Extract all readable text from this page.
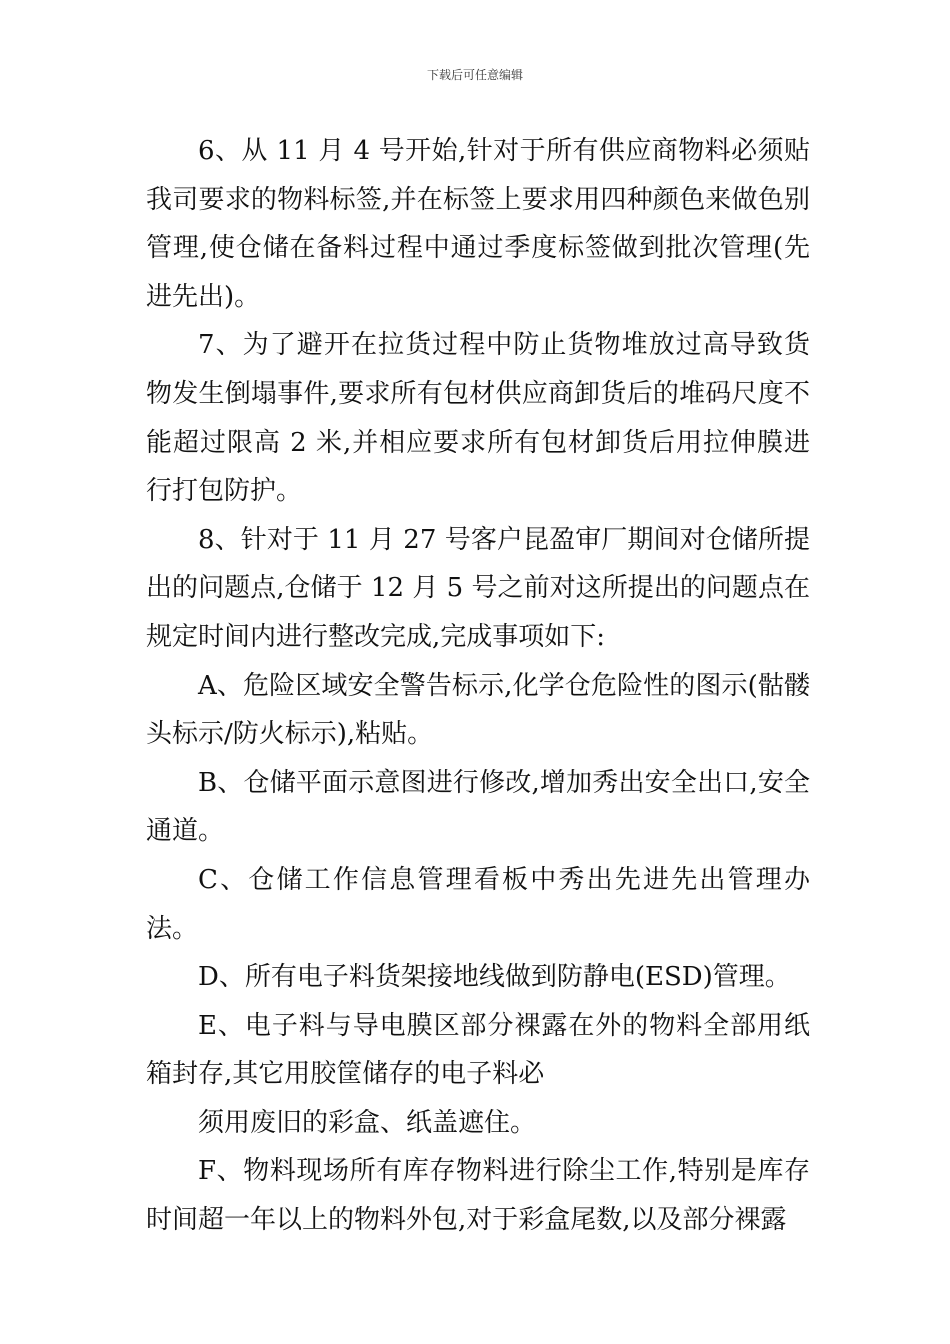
下载后可任意编辑

6、从 11 月 4 号开始,针对于所有供应商物料必须贴我司要求的物料标签,并在标签上要求用四种颜色来做色别管理,使仓储在备料过程中通过季度标签做到批次管理(先进先出)。

7、为了避开在拉货过程中防止货物堆放过高导致货物发生倒塌事件,要求所有包材供应商卸货后的堆码尺度不能超过限高 2 米,并相应要求所有包材卸货后用拉伸膜进行打包防护。

8、针对于 11 月 27 号客户昆盈审厂期间对仓储所提出的问题点,仓储于 12 月 5 号之前对这所提出的问题点在规定时间内进行整改完成,完成事项如下:

A、危险区域安全警告标示,化学仓危险性的图示(骷髅头标示/防火标示),粘贴。

B、仓储平面示意图进行修改,增加秀出安全出口,安全通道。

C、仓储工作信息管理看板中秀出先进先出管理办法。

D、所有电子料货架接地线做到防静电(ESD)管理。

E、电子料与导电膜区部分裸露在外的物料全部用纸箱封存,其它用胶筐储存的电子料必

须用废旧的彩盒、纸盖遮住。

F、物料现场所有库存物料进行除尘工作,特别是库存时间超一年以上的物料外包,对于彩盒尾数,以及部分裸露
